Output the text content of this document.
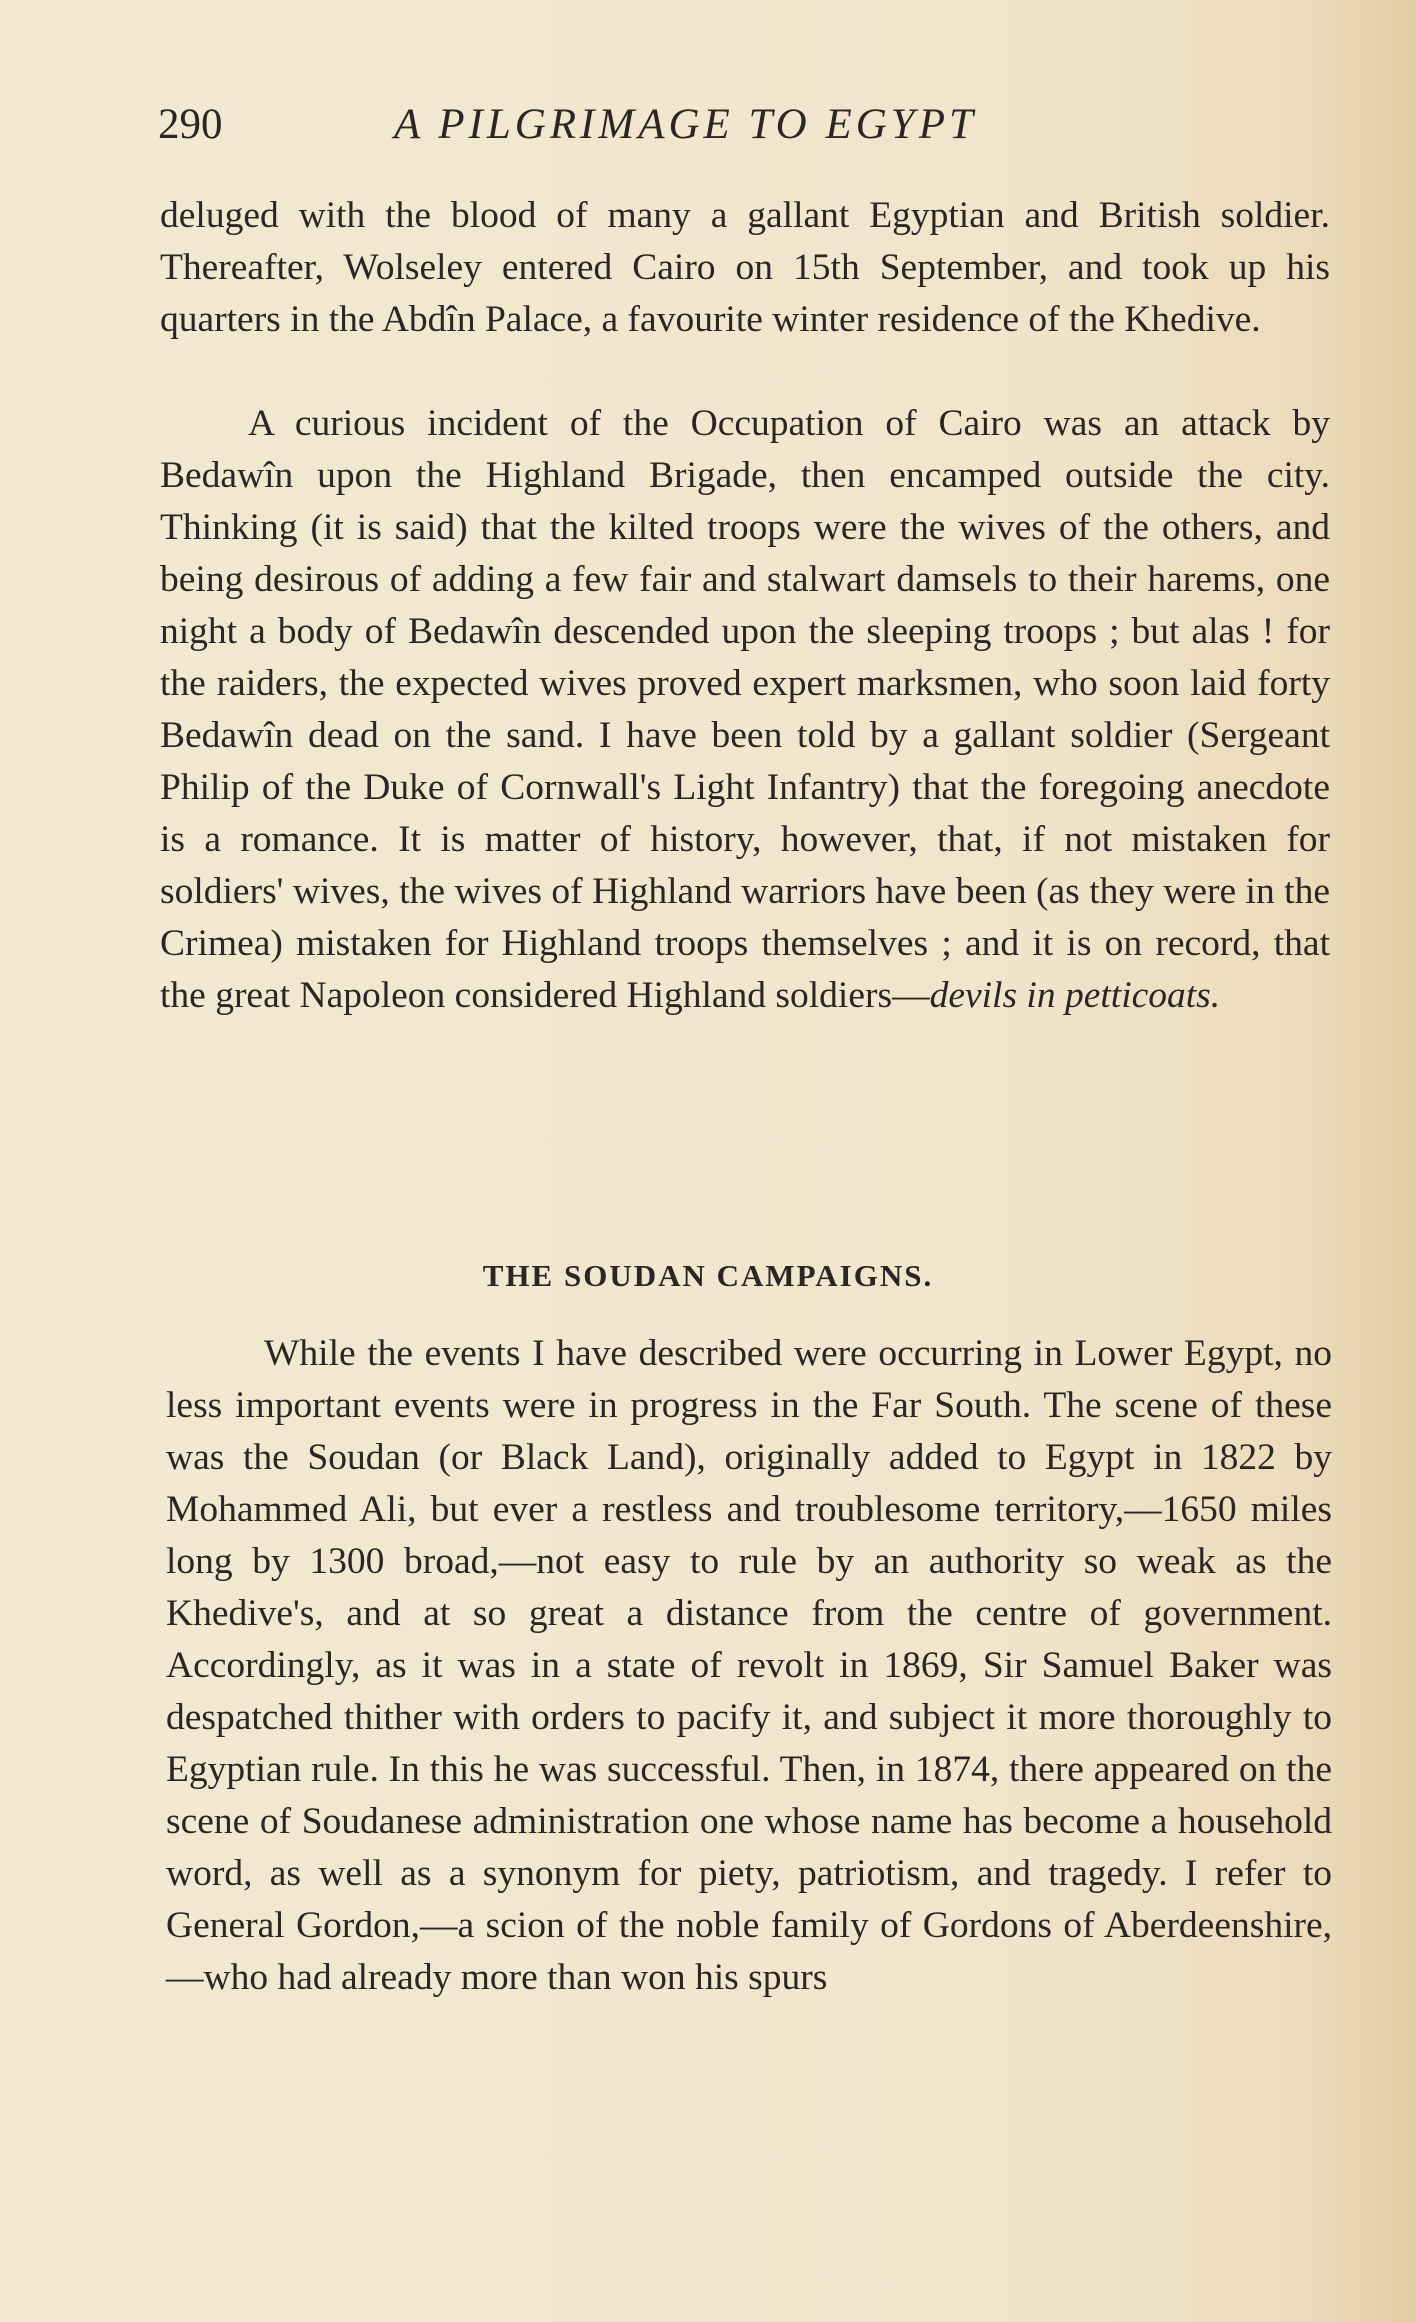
290	A PILGRIMAGE TO EGYPT

deluged with the blood of many a gallant Egyptian and British soldier. Thereafter, Wolseley entered Cairo on 15th September, and took up his quarters in the Abdîn Palace, a favourite winter residence of the Khedive.

A curious incident of the Occupation of Cairo was an attack by Bedawîn upon the Highland Brigade, then encamped outside the city. Thinking (it is said) that the kilted troops were the wives of the others, and being desirous of adding a few fair and stalwart damsels to their harems, one night a body of Bedawîn descended upon the sleeping troops ; but alas ! for the raiders, the expected wives proved expert marksmen, who soon laid forty Bedawîn dead on the sand. I have been told by a gallant soldier (Sergeant Philip of the Duke of Cornwall's Light Infantry) that the foregoing anecdote is a romance. It is matter of history, however, that, if not mistaken for soldiers' wives, the wives of Highland warriors have been (as they were in the Crimea) mistaken for Highland troops themselves ; and it is on record, that the great Napoleon considered Highland soldiers—devils in petticoats.

THE SOUDAN CAMPAIGNS.

While the events I have described were occurring in Lower Egypt, no less important events were in progress in the Far South. The scene of these was the Soudan (or Black Land), originally added to Egypt in 1822 by Mohammed Ali, but ever a restless and troublesome territory,—1650 miles long by 1300 broad,—not easy to rule by an authority so weak as the Khedive's, and at so great a distance from the centre of government. Accordingly, as it was in a state of revolt in 1869, Sir Samuel Baker was despatched thither with orders to pacify it, and subject it more thoroughly to Egyptian rule. In this he was successful. Then, in 1874, there appeared on the scene of Soudanese administration one whose name has become a household word, as well as a synonym for piety, patriotism, and tragedy. I refer to General Gordon,—a scion of the noble family of Gordons of Aberdeenshire,—who had already more than won his spurs
